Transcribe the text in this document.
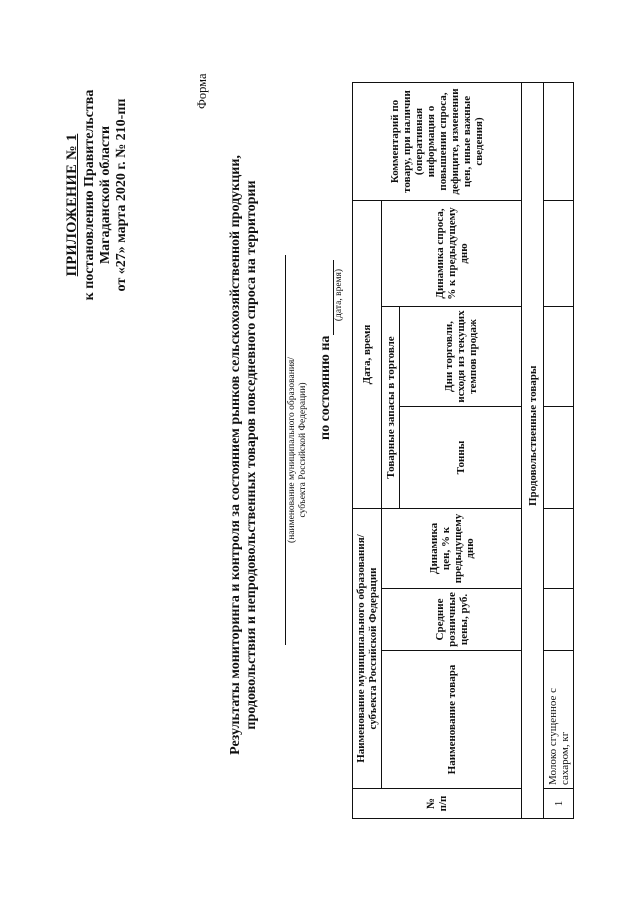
ПРИЛОЖЕНИЕ № 1 к постановлению Правительства Магаданской области от «27» марта 2020 г. № 210-пп
Форма
Результаты мониторинга и контроля за состоянием рынков сельскохозяйственной продукции, продовольствия и непродовольственных товаров повседневного спроса на территории	(наименование муниципального образования/ субъекта Российской Федерации) по состоянию на
(дата, время)
№ п/п	Наименование муниципального образования/ субъекта Российской Федерации			Дата, время			Комментарий по товару, при наличии (оперативная информация о повышении спроса, дефиците, изменении цен, иные важные сведения)
	Наименование товара	Средние розничные цены, руб.	Динамика цен, % к предыдущему дню	Товарные запасы в торговле		Динамика спроса, % к предыдущему дню	
				Тонны	Дни торговли, исходя из текущих темпов продаж		
	Продовольственные товары						
1	Молоко сгущенное с сахаром, кг						
